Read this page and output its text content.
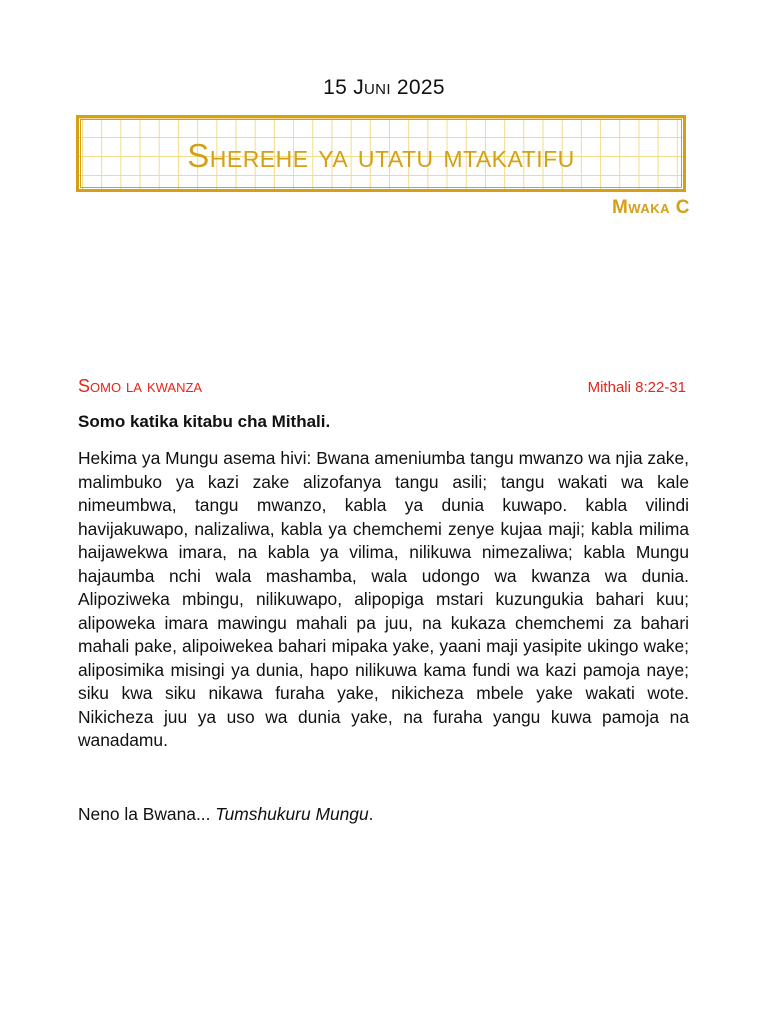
15 Juni 2025
Sherehe ya utatu mtakatifu
Mwaka C
Somo la kwanza	Mithali 8:22-31
Somo katika kitabu cha Mithali.

Hekima ya Mungu asema hivi: Bwana ameniumba tangu mwanzo wa njia zake, malimbuko ya kazi zake alizofanya tangu asili; tangu wakati wa kale nimeumbwa, tangu mwanzo, kabla ya dunia kuwapo. kabla vilindi havijakuwapo, nalizaliwa, kabla ya chemchemi zenye kujaa maji; kabla milima haijawekwa imara, na kabla ya vilima, nilikuwa nimezaliwa; kabla Mungu hajaumba nchi wala mashamba, wala udongo wa kwanza wa dunia. Alipoziweka mbingu, nilikuwapo, alipopiga mstari kuzungukia bahari kuu; alipoweka imara mawingu mahali pa juu, na kukaza chemchemi za bahari mahali pake, alipoiwekea bahari mipaka yake, yaani maji yasipite ukingo wake; aliposimika misingi ya dunia, hapo nilikuwa kama fundi wa kazi pamoja naye; siku kwa siku nikawa furaha yake, nikicheza mbele yake wakati wote. Nikicheza juu ya uso wa dunia yake, na furaha yangu kuwa pamoja na wanadamu.

Neno la Bwana... Tumshukuru Mungu.
